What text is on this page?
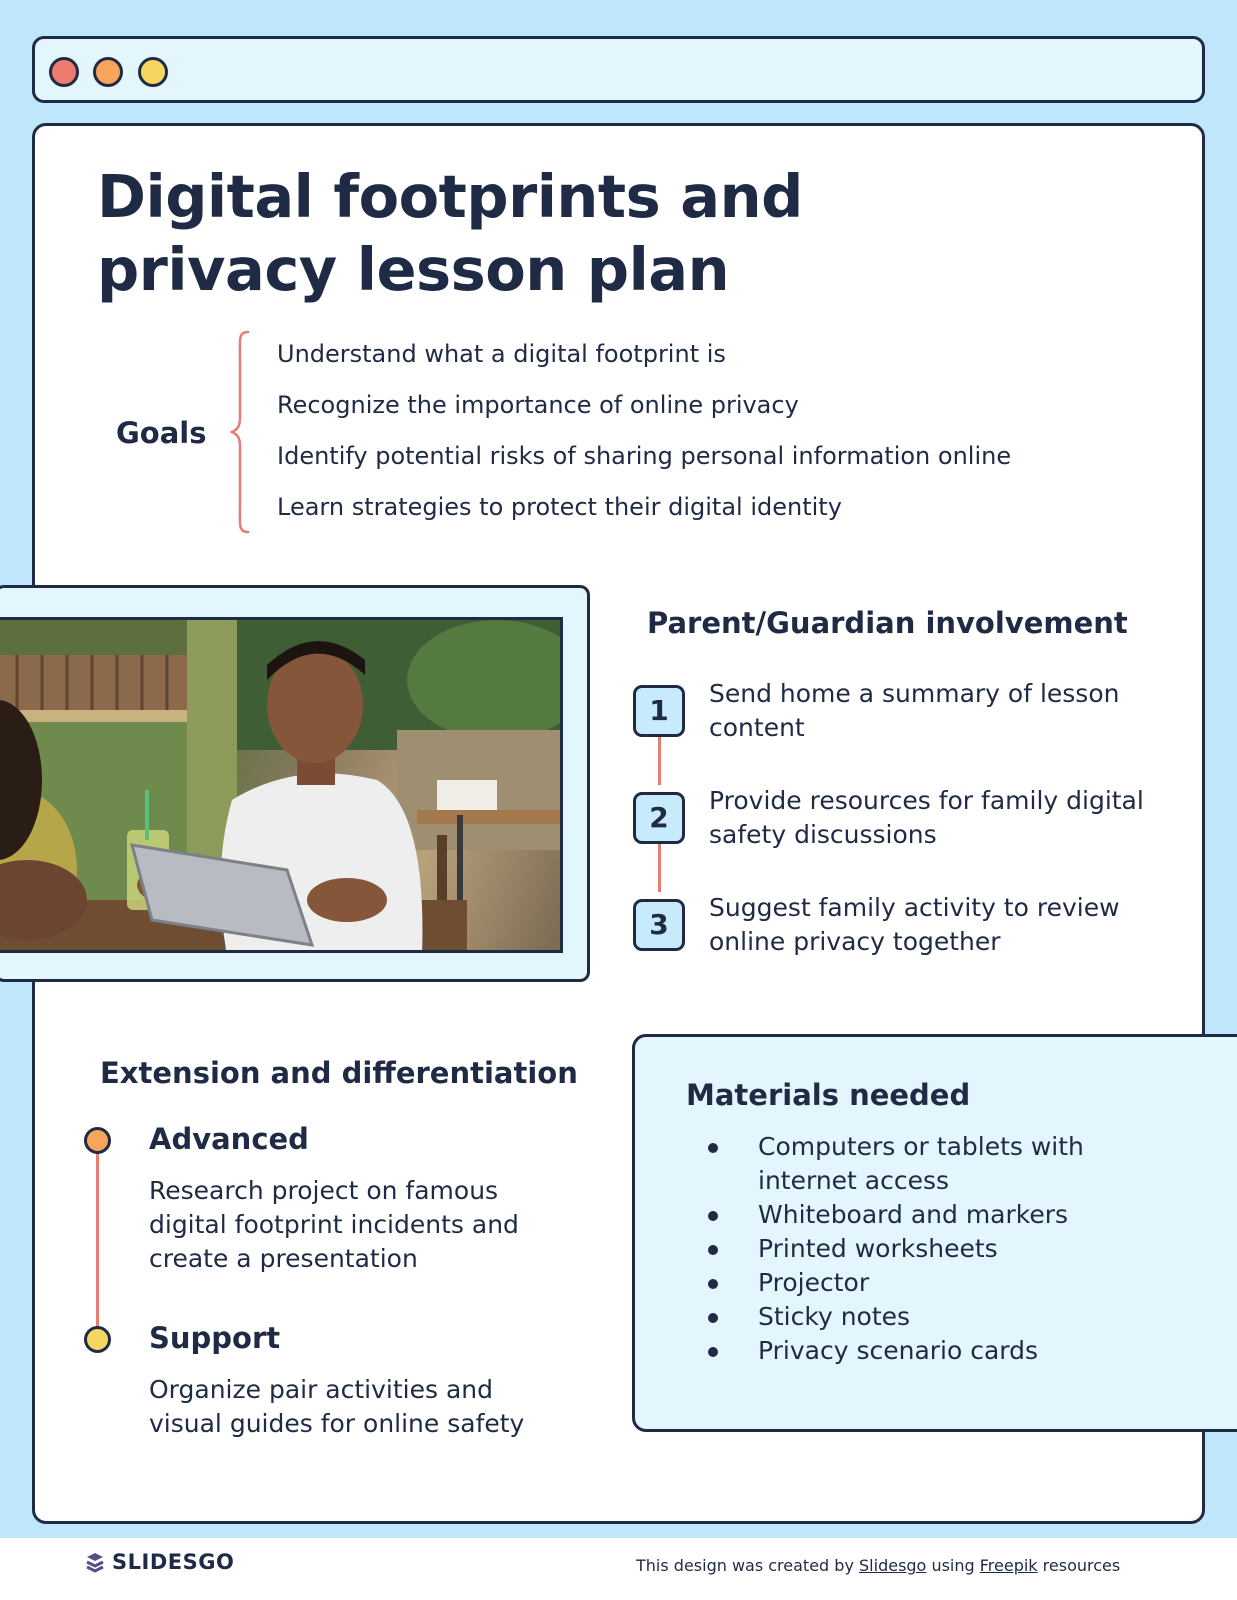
Digital footprints and privacy lesson plan
Goals
Understand what a digital footprint is
Recognize the importance of online privacy
Identify potential risks of sharing personal information online
Learn strategies to protect their digital identity
Parent/Guardian involvement
1
Send home a summary of lesson content
2
Provide resources for family digital safety discussions
3
Suggest family activity to review online privacy together
Extension and differentiation
Advanced
Research project on famous digital footprint incidents and create a presentation
Support
Organize pair activities and visual guides for online safety
Materials needed
Computers or tablets with internet access
Whiteboard and markers
Printed worksheets
Projector
Sticky notes
Privacy scenario cards
SLIDESGO	This design was created by Slidesgo using Freepik resources
